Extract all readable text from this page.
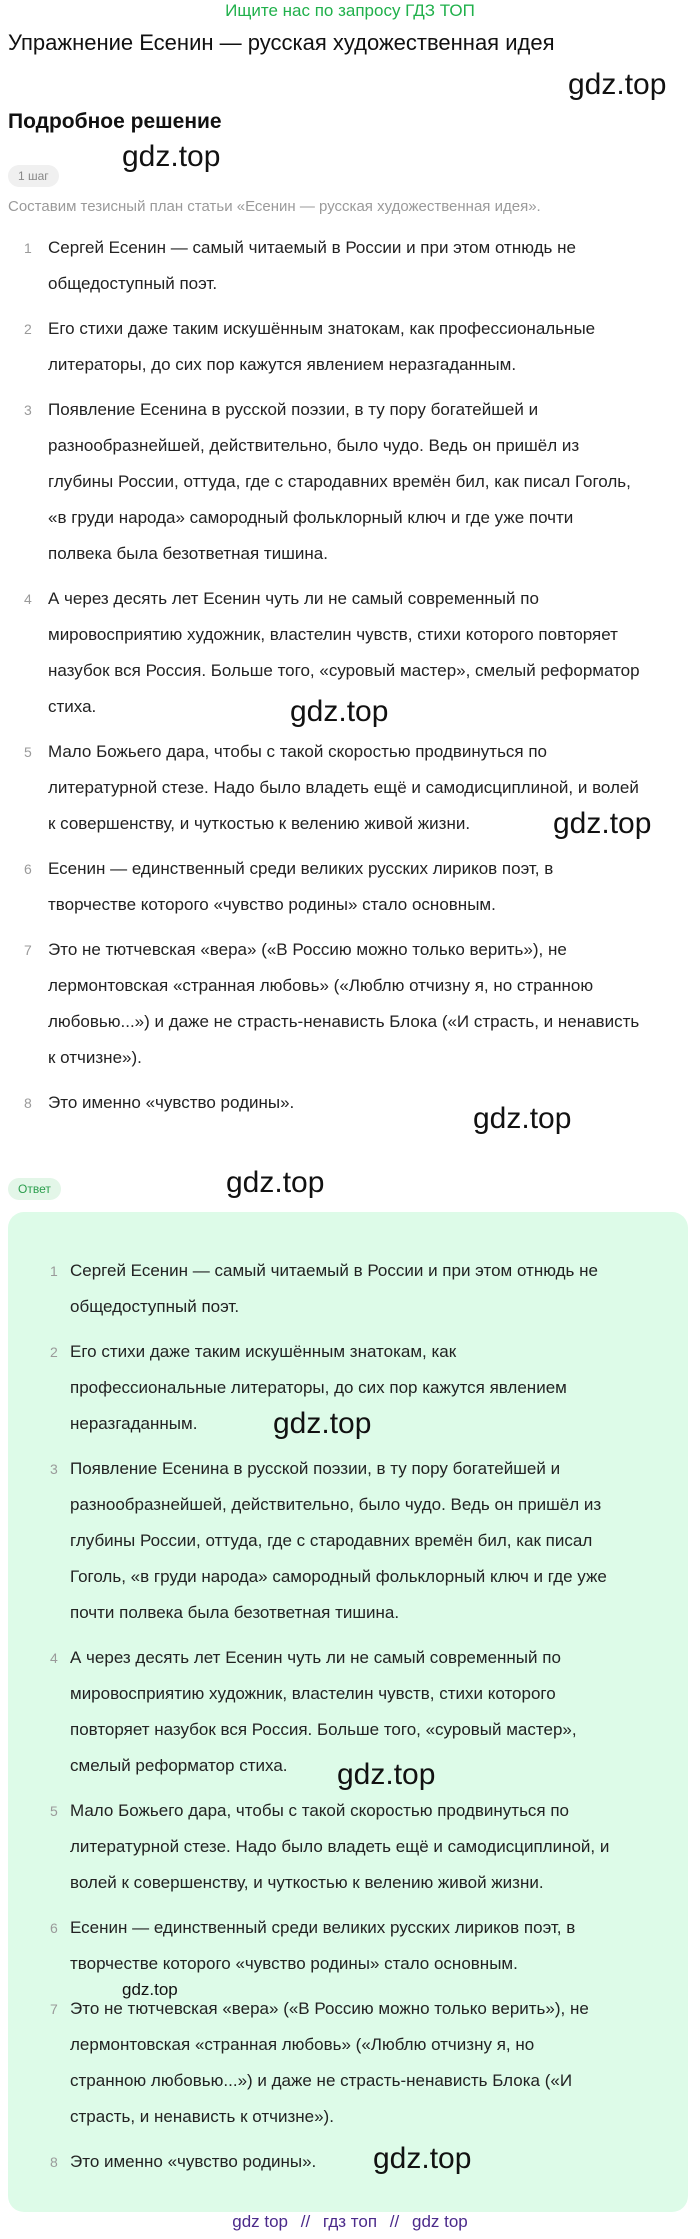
Ищите нас по запросу ГДЗ ТОП
Упражнение Есенин — русская художественная идея
gdz.top
Подробное решение
gdz.top
1 шаг
Составим тезисный план статьи «Есенин — русская художественная идея».
1 Сергей Есенин — самый читаемый в России и при этом отнюдь не
общедоступный поэт.
2 Его стихи даже таким искушённым знатокам, как профессиональные
литераторы, до сих пор кажутся явлением неразгаданным.
3 Появление Есенина в русской поэзии, в ту пору богатейшей и
разнообразнейшей, действительно, было чудо. Ведь он пришёл из
глубины России, оттуда, где с стародавних времён бил, как писал Гоголь,
«в груди народа» самородный фольклорный ключ и где уже почти
полвека была безответная тишина.
4 А через десять лет Есенин чуть ли не самый современный по
мировосприятию художник, властелин чувств, стихи которого повторяет
назубок вся Россия. Больше того, «суровый мастер», смелый реформатор
стиха.
5 Мало Божьего дара, чтобы с такой скоростью продвинуться по
литературной стезе. Надо было владеть ещё и самодисциплиной, и волей
к совершенству, и чуткостью к велению живой жизни.
6 Есенин — единственный среди великих русских лириков поэт, в
творчестве которого «чувство родины» стало основным.
7 Это не тютчевская «вера» («В Россию можно только верить»), не
лермонтовская «странная любовь» («Люблю отчизну я, но странною
любовью...») и даже не страсть-ненависть Блока («И страсть, и ненависть
к отчизне»).
8 Это именно «чувство родины».
gdz.top
gdz.top
gdz.top
Ответ	gdz.top
1 Сергей Есенин — самый читаемый в России и при этом отнюдь не
общедоступный поэт.
2 Его стихи даже таким искушённым знатокам, как
профессиональные литераторы, до сих пор кажутся явлением
неразгаданным.
3 Появление Есенина в русской поэзии, в ту пору богатейшей и
разнообразнейшей, действительно, было чудо. Ведь он пришёл из
глубины России, оттуда, где с стародавних времён бил, как писал
Гоголь, «в груди народа» самородный фольклорный ключ и где уже
почти полвека была безответная тишина.
4 А через десять лет Есенин чуть ли не самый современный по
мировосприятию художник, властелин чувств, стихи которого
повторяет назубок вся Россия. Больше того, «суровый мастер»,
смелый реформатор стиха.
5 Мало Божьего дара, чтобы с такой скоростью продвинуться по
литературной стезе. Надо было владеть ещё и самодисциплиной, и
волей к совершенству, и чуткостью к велению живой жизни.
6 Есенин — единственный среди великих русских лириков поэт, в
творчестве которого «чувство родины» стало основным.
7 Это не тютчевская «вера» («В Россию можно только верить»), не
лермонтовская «странная любовь» («Люблю отчизну я, но
странною любовью...») и даже не страсть-ненависть Блока («И
страсть, и ненависть к отчизне»).
8 Это именно «чувство родины».
gdz.top
gdz.top
gdz.top
gdz.top
gdz top // гдз топ // gdz top
